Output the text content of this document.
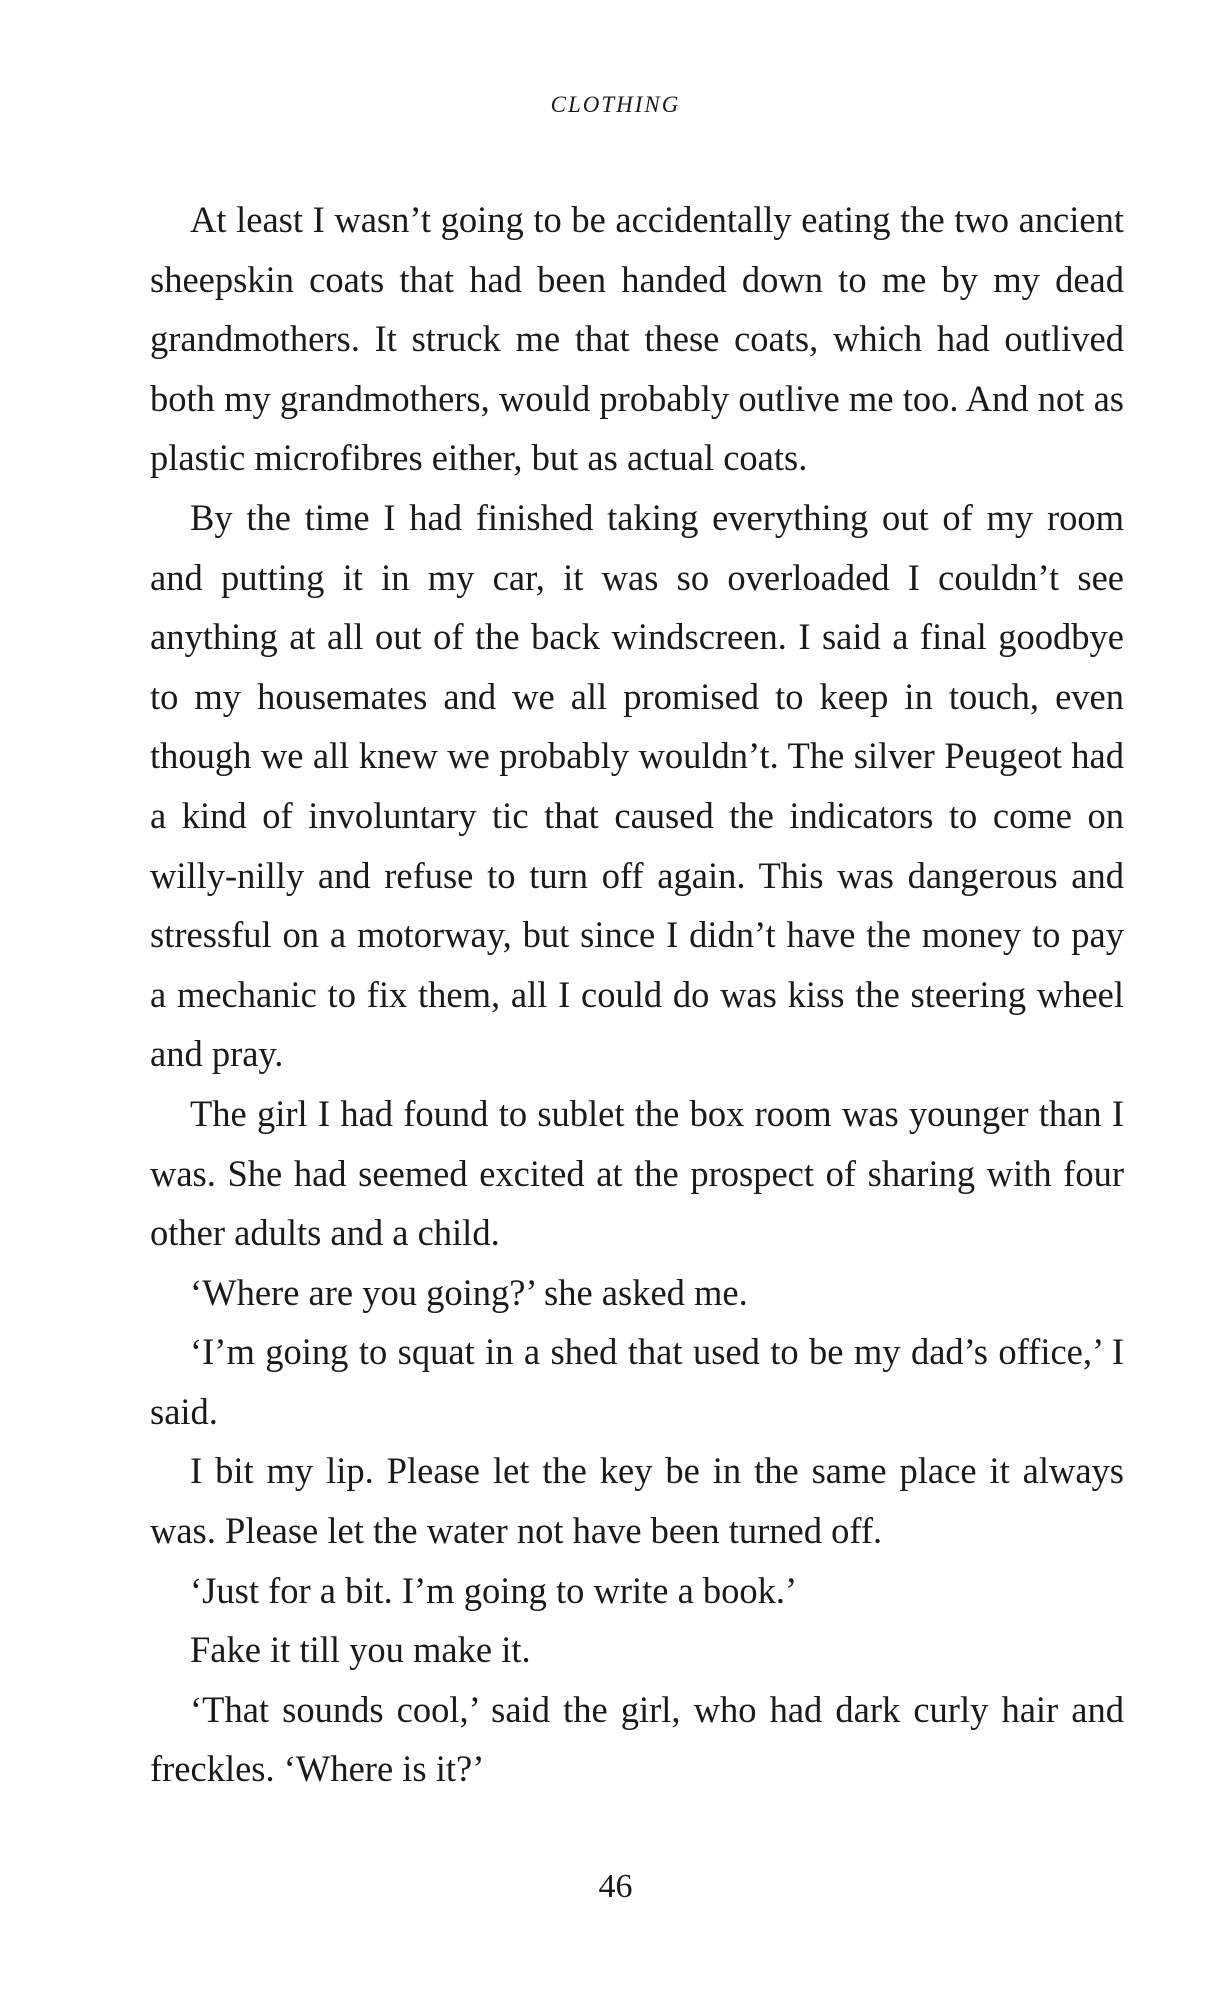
CLOTHING

At least I wasn’t going to be accidentally eating the two ancient sheepskin coats that had been handed down to me by my dead grandmothers. It struck me that these coats, which had outlived both my grandmothers, would probably outlive me too. And not as plastic microfibres either, but as actual coats.

By the time I had finished taking everything out of my room and putting it in my car, it was so overloaded I couldn’t see anything at all out of the back windscreen. I said a final goodbye to my housemates and we all promised to keep in touch, even though we all knew we probably wouldn’t. The silver Peugeot had a kind of involuntary tic that caused the indicators to come on willy-nilly and refuse to turn off again. This was dangerous and stressful on a motorway, but since I didn’t have the money to pay a mechanic to fix them, all I could do was kiss the steering wheel and pray.

The girl I had found to sublet the box room was younger than I was. She had seemed excited at the prospect of sharing with four other adults and a child.

‘Where are you going?’ she asked me.

‘I’m going to squat in a shed that used to be my dad’s office,’ I said.

I bit my lip. Please let the key be in the same place it always was. Please let the water not have been turned off.

‘Just for a bit. I’m going to write a book.’

Fake it till you make it.

‘That sounds cool,’ said the girl, who had dark curly hair and freckles. ‘Where is it?’

46
